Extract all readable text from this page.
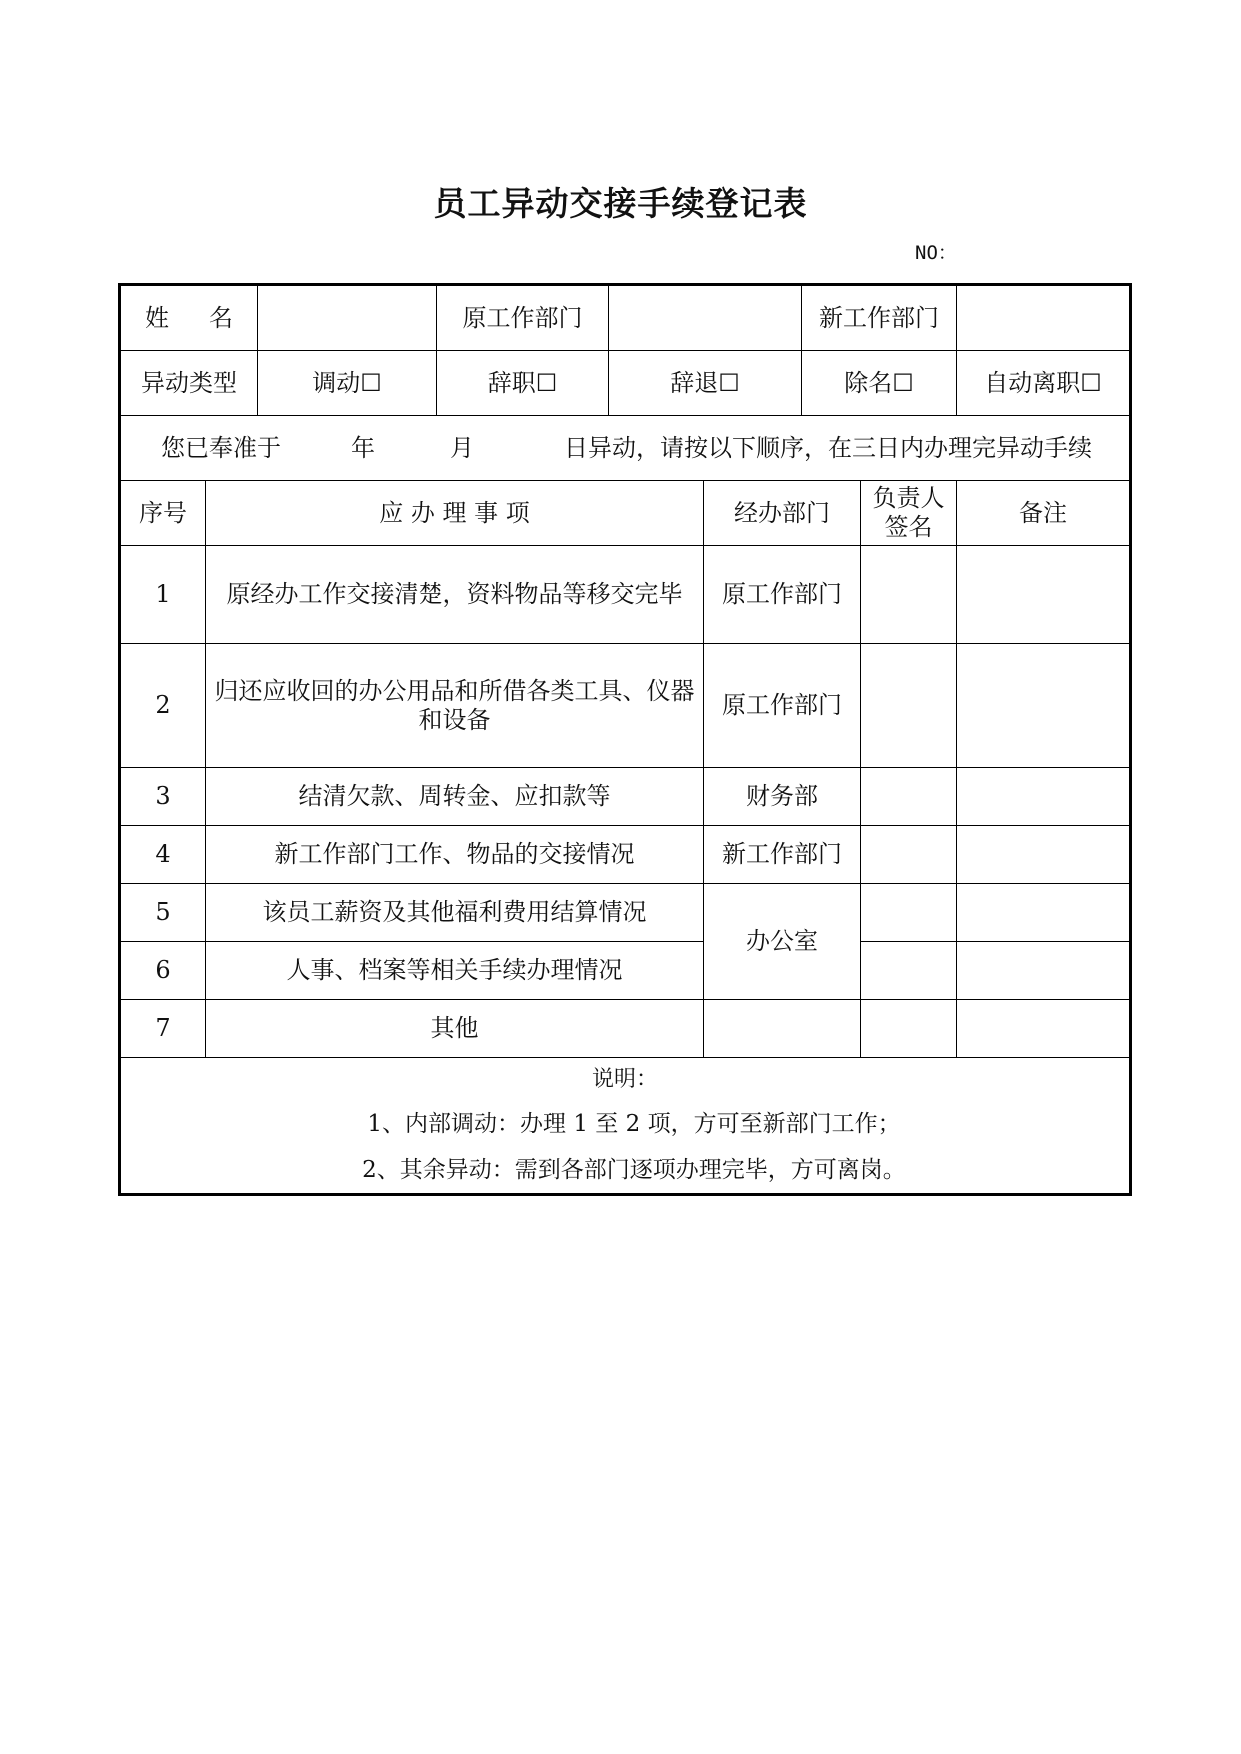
员工异动交接手续登记表
NO：
姓 名			原工作部门			新工作部门		
异动类型		调动☐	辞职☐	辞退☐		除名☐		自动离职☐

您已奉准于 年 月 日异动，请按以下顺序，在三日内办理完异动手续								

序号	应 办 理 事 项				经办部门		负责人签名	备注
1	原经办工作交接清楚，资料物品等移交完毕				原工作部门			
2	归还应收回的办公用品和所借各类工具、仪器和设备				原工作部门			
3	结清欠款、周转金、应扣款等				财务部			
4	新工作部门工作、物品的交接情况				新工作部门			
5	该员工薪资及其他福利费用结算情况				办公室			
6	人事、档案等相关手续办理情况							
7	其他							

说明：
1、内部调动：办理 1 至 2 项，方可至新部门工作；
2、其余异动：需到各部门逐项办理完毕，方可离岗。								
